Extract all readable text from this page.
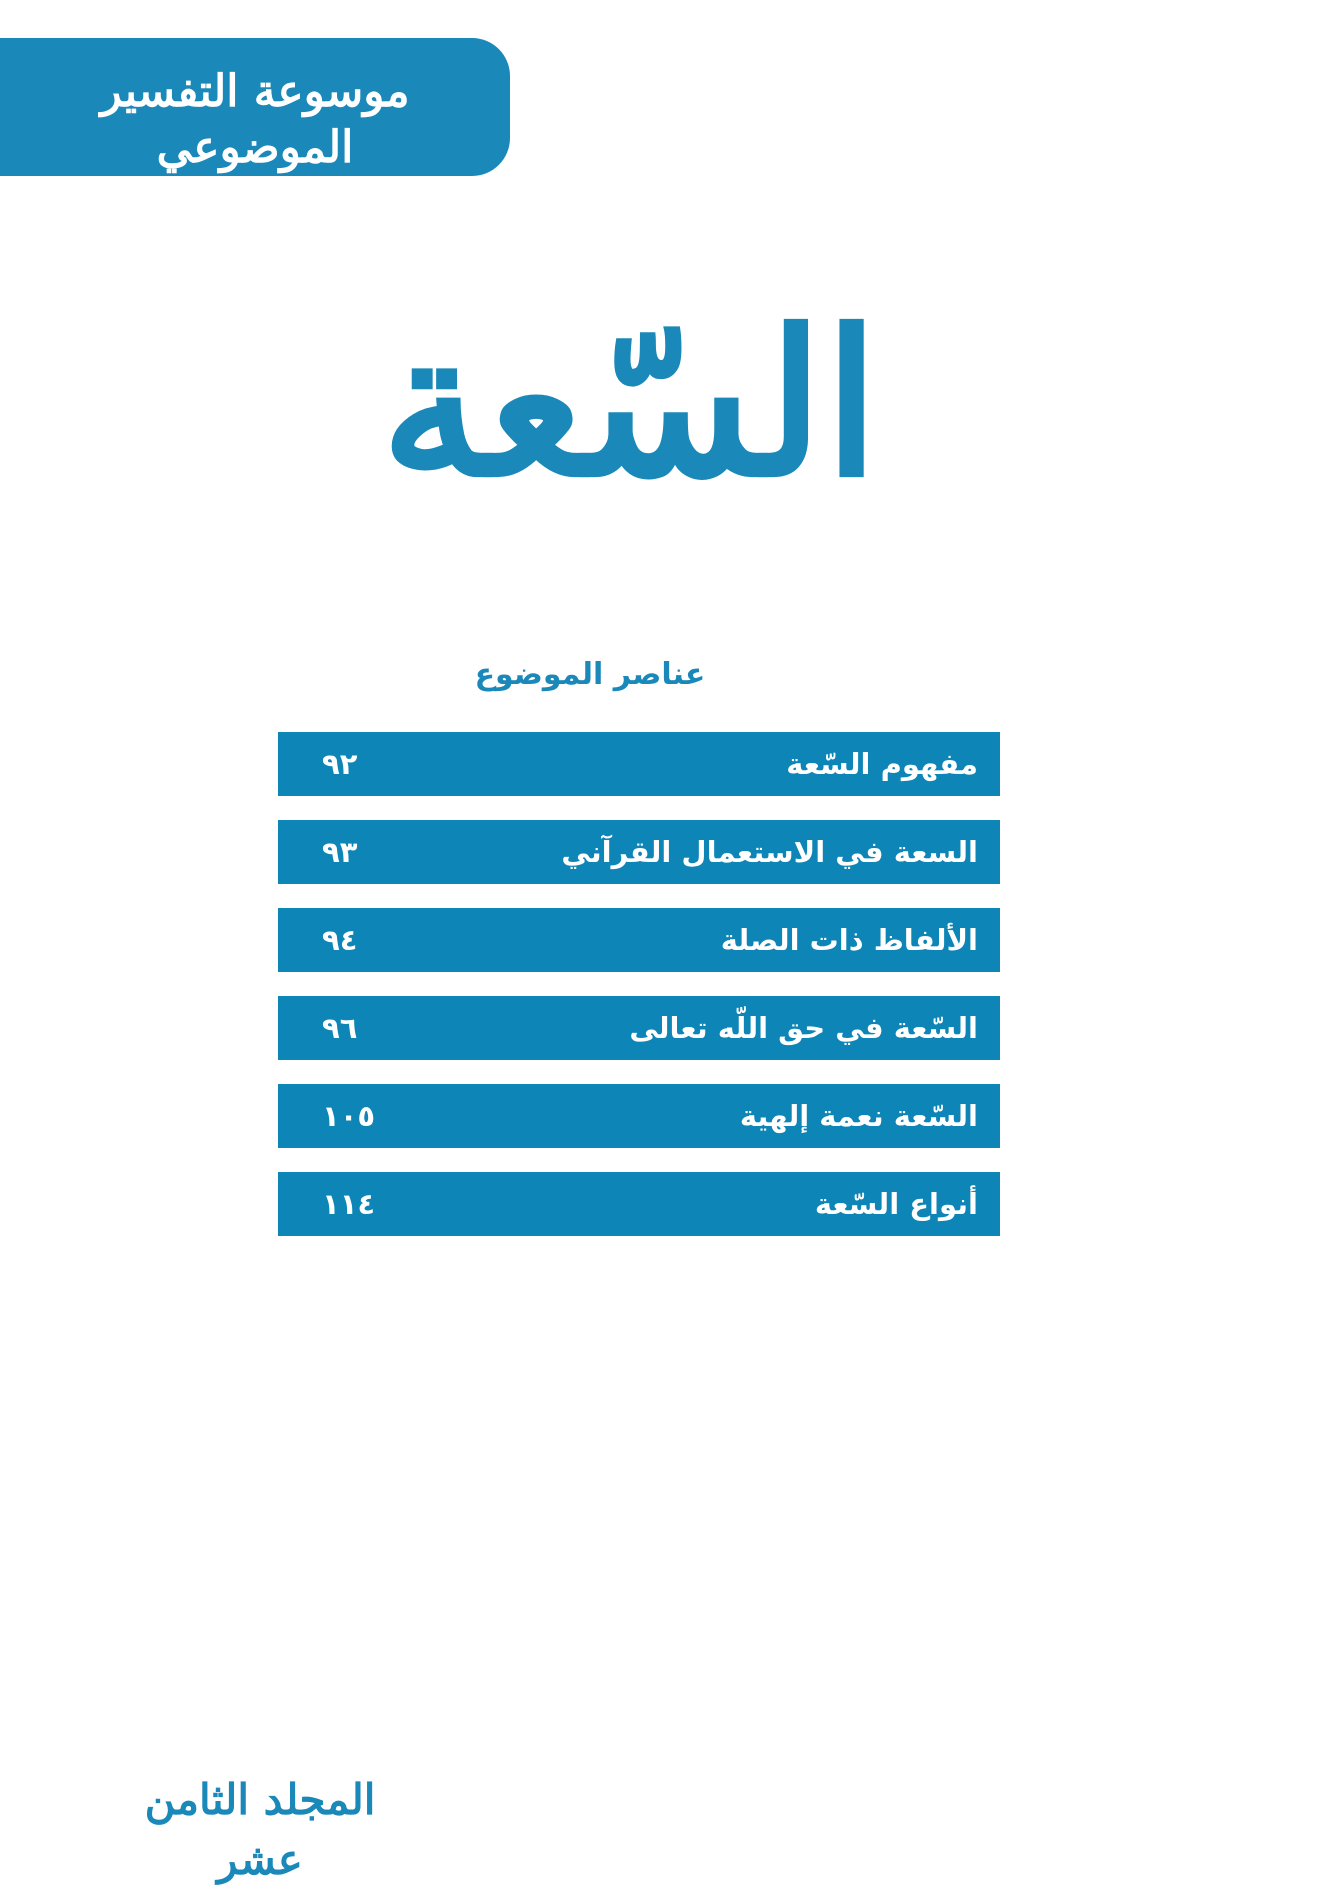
موسوعة التفسير الموضوعي
للقرآن الكريم
السّعة
عناصر الموضوع
مفهوم السّعة
٩٢
السعة في الاستعمال القرآني
٩٣
الألفاظ ذات الصلة
٩٤
السّعة في حق اللّه تعالى
٩٦
السّعة نعمة إلهية
١٠٥
أنواع السّعة
١١٤
المجلد الثامن عشر
